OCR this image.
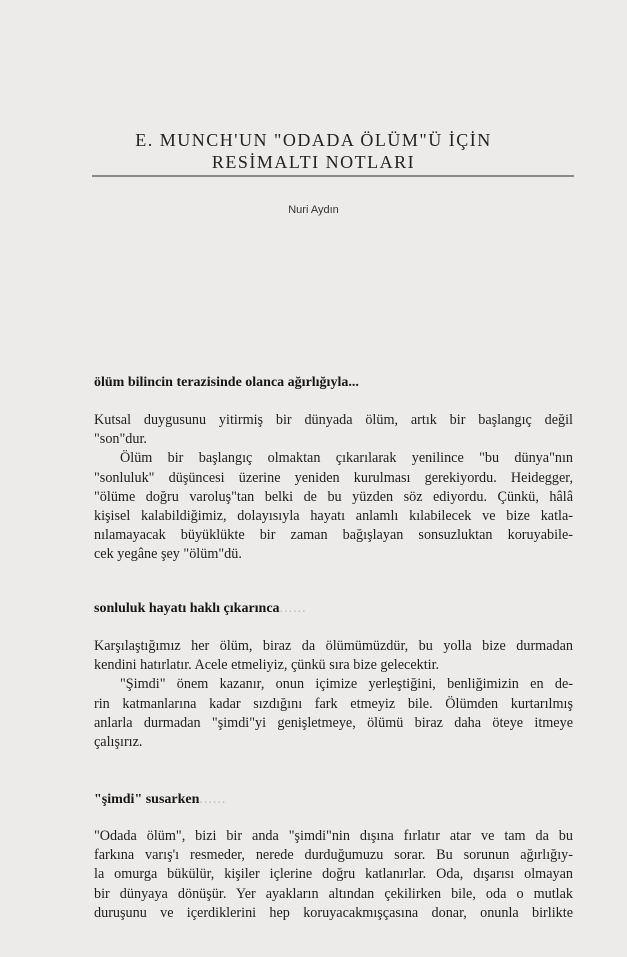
E. MUNCH'UN "ODADA ÖLÜM"Ü İÇİN
RESİMALTI NOTLARI
Nuri Aydın
ölüm bilincin terazisinde olanca ağırlığıyla...
Kutsal duygusunu yitirmiş bir dünyada ölüm, artık bir başlangıç değil
"son"dur.
Ölüm bir başlangıç olmaktan çıkarılarak yenilince "bu dünya"nın
"sonluluk" düşüncesi üzerine yeniden kurulması gerekiyordu. Heidegger,
"ölüme doğru varoluş"tan belki de bu yüzden söz ediyordu. Çünkü, hâlâ
kişisel kalabildiğimiz, dolayısıyla hayatı anlamlı kılabilecek ve bize katla-
nılamayacak büyüklükte bir zaman bağışlayan sonsuzluktan koruyabile-
cek yegâne şey "ölüm"dü.
sonluluk hayatı haklı çıkarınca......
Karşılaştığımız her ölüm, biraz da ölümümüzdür, bu yolla bize durmadan
kendini hatırlatır. Acele etmeliyiz, çünkü sıra bize gelecektir.
"Şimdi" önem kazanır, onun içimize yerleştiğini, benliğimizin en de-
rin katmanlarına kadar sızdığını fark etmeyiz bile. Ölümden kurtarılmış
anlarla durmadan "şimdi"yi genişletmeye, ölümü biraz daha öteye itmeye
çalışırız.
"şimdi" susarken......
"Odada ölüm", bizi bir anda "şimdi"nin dışına fırlatır atar ve tam da bu
farkına varış'ı resmeder, nerede durduğumuzu sorar. Bu sorunun ağırlığıy-
la omurga bükülür, kişiler içlerine doğru katlanırlar. Oda, dışarısı olmayan
bir dünyaya dönüşür. Yer ayakların altından çekilirken bile, oda o mutlak
duruşunu ve içerdiklerini hep koruyacakmışçasına donar, onunla birlikte
